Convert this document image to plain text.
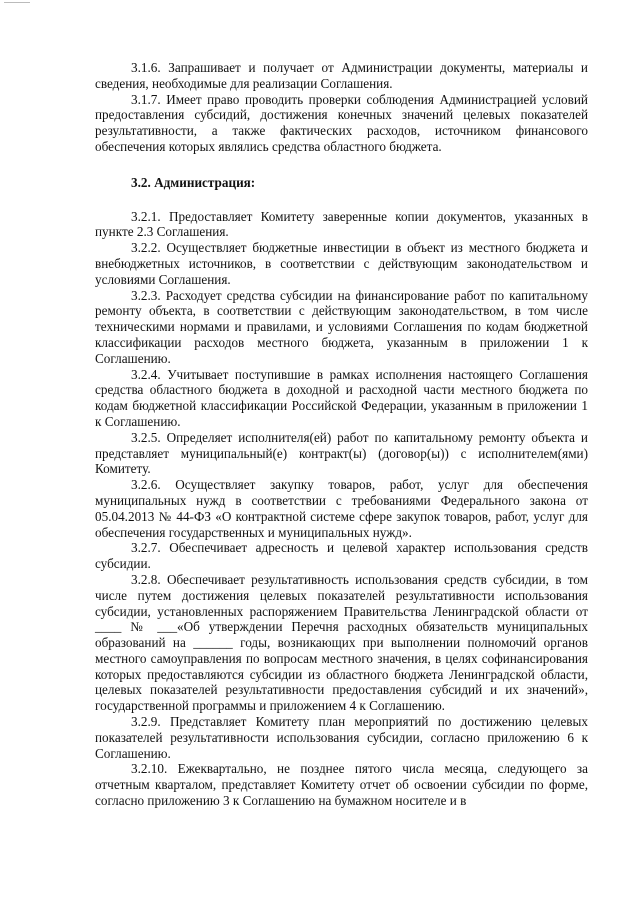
3.1.6. Запрашивает и получает от Администрации документы, материалы и сведения, необходимые для реализации Соглашения.

3.1.7. Имеет право проводить проверки соблюдения Администрацией условий предоставления субсидий, достижения конечных значений целевых показателей результативности, а также фактических расходов, источником финансового обеспечения которых являлись средства областного бюджета.

3.2. Администрация:

3.2.1. Предоставляет Комитету заверенные копии документов, указанных в пункте 2.3 Соглашения.

3.2.2. Осуществляет бюджетные инвестиции в объект из местного бюджета и внебюджетных источников, в соответствии с действующим законодательством и условиями Соглашения.

3.2.3. Расходует средства субсидии на финансирование работ по капитальному ремонту объекта, в соответствии с действующим законодательством, в том числе техническими нормами и правилами, и условиями Соглашения по кодам бюджетной классификации расходов местного бюджета, указанным в приложении 1 к Соглашению.

3.2.4. Учитывает поступившие в рамках исполнения настоящего Соглашения средства областного бюджета в доходной и расходной части местного бюджета по кодам бюджетной классификации Российской Федерации, указанным в приложении 1 к Соглашению.

3.2.5. Определяет исполнителя(ей) работ по капитальному ремонту объекта и представляет муниципальный(е) контракт(ы) (договор(ы)) с исполнителем(ями) Комитету.

3.2.6. Осуществляет закупку товаров, работ, услуг для обеспечения муниципальных нужд в соответствии с требованиями Федерального закона от 05.04.2013 № 44-ФЗ «О контрактной системе сфере закупок товаров, работ, услуг для обеспечения государственных и муниципальных нужд».

3.2.7. Обеспечивает адресность и целевой характер использования средств субсидии.

3.2.8. Обеспечивает результативность использования средств субсидии, в том числе путем достижения целевых показателей результативности использования субсидии, установленных распоряжением Правительства Ленинградской области от ____ № ___«Об утверждении Перечня расходных обязательств муниципальных образований на ______ годы, возникающих при выполнении полномочий органов местного самоуправления по вопросам местного значения, в целях софинансирования которых предоставляются субсидии из областного бюджета Ленинградской области, целевых показателей результативности предоставления субсидий и их значений», государственной программы и приложением 4 к Соглашению.

3.2.9. Представляет Комитету план мероприятий по достижению целевых показателей результативности использования субсидии, согласно приложению 6 к Соглашению.

3.2.10. Ежеквартально, не позднее пятого числа месяца, следующего за отчетным кварталом, представляет Комитету отчет об освоении субсидии по форме, согласно приложению 3 к Соглашению на бумажном носителе и в
